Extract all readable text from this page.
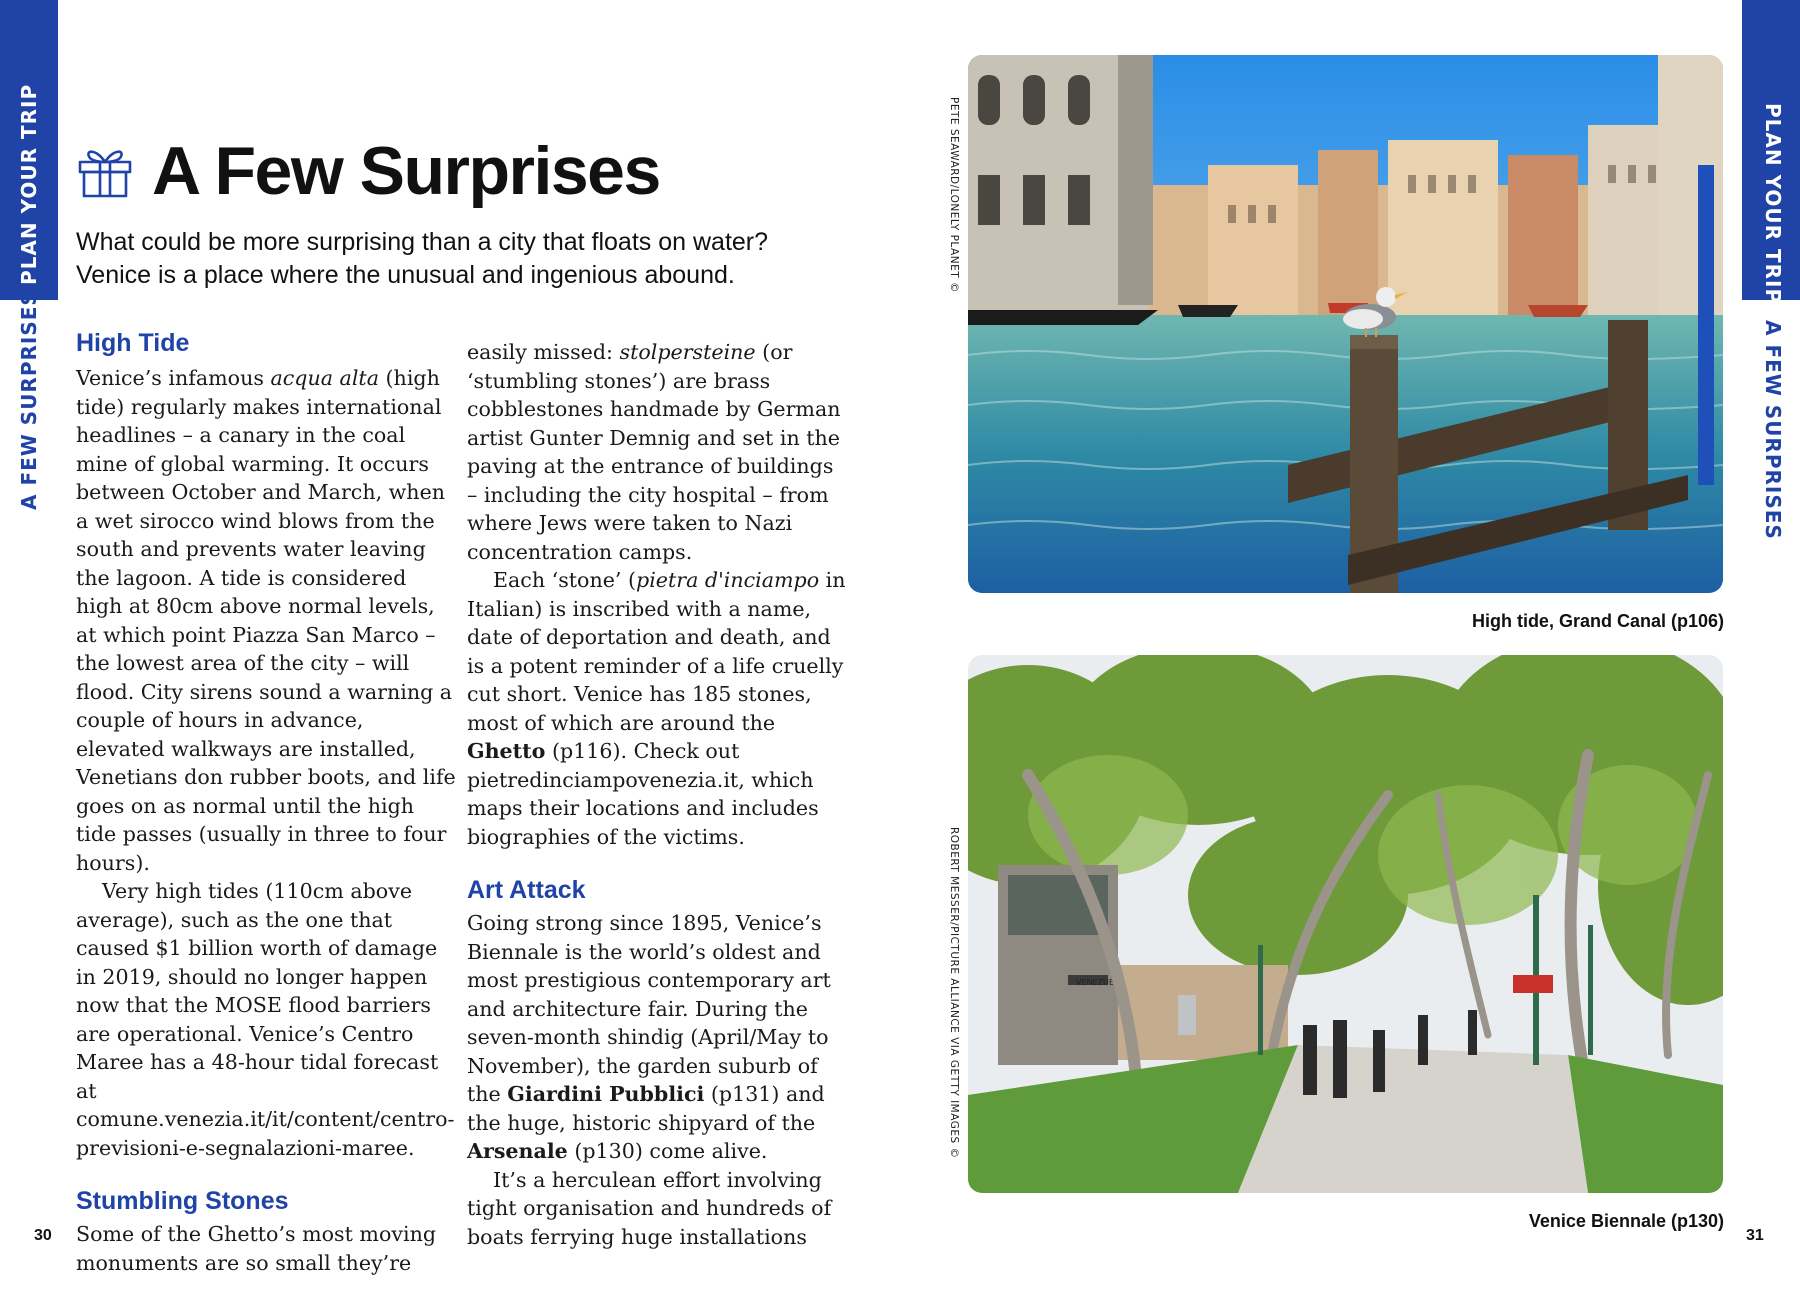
PLAN YOUR TRIP
A FEW SURPRISES
PLAN YOUR TRIP
A FEW SURPRISES
A Few Surprises
What could be more surprising than a city that floats on water? Venice is a place where the unusual and ingenious abound.
High Tide

Venice’s infamous acqua alta (high tide) regularly makes international headlines – a canary in the coal mine of global warming. It occurs between October and March, when a wet sirocco wind blows from the south and prevents water leaving the lagoon. A tide is considered high at 80cm above normal levels, at which point Piazza San Marco – the lowest area of the city – will flood. City sirens sound a warning a couple of hours in advance, elevated walkways are installed, Venetians don rubber boots, and life goes on as normal until the high tide passes (usually in three to four hours).

Very high tides (110cm above average), such as the one that caused $1 billion worth of damage in 2019, should no longer happen now that the MOSE flood barriers are operational. Venice’s Centro Maree has a 48-hour tidal forecast at comune.venezia.it/it/content/centro-previsioni-e-segnalazioni-maree.

Stumbling Stones

Some of the Ghetto’s most moving monuments are so small they’re

easily missed: stolpersteine (or ‘stumbling stones’) are brass cobblestones handmade by German artist Gunter Demnig and set in the paving at the entrance of buildings – including the city hospital – from where Jews were taken to Nazi concentration camps.

Each ‘stone’ (pietra d'inciampo in Italian) is inscribed with a name, date of deportation and death, and is a potent reminder of a life cruelly cut short. Venice has 185 stones, most of which are around the Ghetto (p116). Check out pietredinciampovenezia.it, which maps their locations and includes biographies of the victims.

Art Attack

Going strong since 1895, Venice’s Biennale is the world’s oldest and most prestigious contemporary art and architecture fair. During the seven-month shindig (April/May to November), the garden suburb of the Giardini Pubblici (p131) and the huge, historic shipyard of the Arsenale (p130) come alive.

It’s a herculean effort involving tight organisation and hundreds of boats ferrying huge installations

30	31
PETE SEAWARD/LONELY PLANET ©
High tide, Grand Canal (p106)
ROBERT MESSER/PICTURE ALLIANCE VIA GETTY IMAGES ©	VENEZUELA
Venice Biennale (p130)
